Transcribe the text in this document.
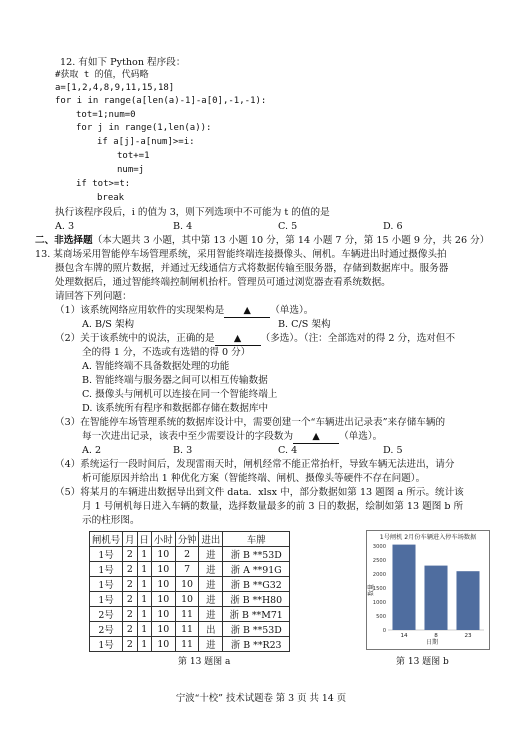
12. 有如下 Python 程序段：
#获取 t 的值，代码略
a=[1,2,4,8,9,11,15,18]
for i in range(a[len(a)-1]-a[0],-1,-1):
tot=1;num=0
for j in range(1,len(a)):
if a[j]-a[num]>=i:
tot+=1
num=j
if tot>=t:
break
执行该程序段后，i 的值为 3，则下列选项中不可能为 t 的值的是
A. 3	B. 4	C. 5	D. 6
二、非选择题（本大题共 3 小题，其中第 13 小题 10 分，第 14 小题 7 分，第 15 小题 9 分，共 26 分）
13. 某商场采用智能停车场管理系统，采用智能终端连接摄像头、闸机。车辆进出时通过摄像头拍
摄包含车牌的照片数据，并通过无线通信方式将数据传输至服务器，存储到数据库中。服务器
处理数据后，通过智能终端控制闸机抬杆。管理员可通过浏览器查看系统数据。
请回答下列问题：
（1）该系统网络应用软件的实现架构是 ▲ （单选）。
A. B/S 架构	B. C/S 架构
（2）关于该系统中的说法，正确的是 ▲ （多选）。（注：全部选对的得 2 分，选对但不
全的得 1 分，不选或有选错的得 0 分）
A. 智能终端不具备数据处理的功能
B. 智能终端与服务器之间可以相互传输数据
C. 摄像头与闸机可以连接在同一个智能终端上
D. 该系统所有程序和数据都存储在数据库中
（3）在智能停车场管理系统的数据库设计中，需要创建一个“车辆进出记录表”来存储车辆的
每一次进出记录，该表中至少需要设计的字段数为 ▲ （单选）。
A. 2	B. 3	C. 4	D. 5
（4）系统运行一段时间后，发现雷雨天时，闸机经常不能正常抬杆，导致车辆无法进出，请分
析可能原因并给出 1 种优化方案（智能终端、闸机、摄像头等硬件不存在问题）。
（5）将某月的车辆进出数据导出到文件 data．xlsx 中，部分数据如第 13 题图 a 所示。统计该
月 1 号闸机每日进入车辆的数量，选择数量最多的前 3 日的数据，绘制如第 13 题图 b 所
示的柱形图。
闸机号	月	日	小时	分钟	进出	车牌
1号	2	1	10	2	进	浙 B **53D
1号	2	1	10	7	进	浙 A **91G
1号	2	1	10	10	进	浙 B **G32
1号	2	1	10	10	进	浙 B **H80
2号	2	1	10	11	进	浙 B **M71
2号	2	1	10	11	出	浙 B **53D
1号	2	1	10	11	进	浙 B **R23
第 13 题图 a
1号闸机 2月份车辆进入停车场数据
数量
日期
3000
2500
2000
1500
1000
500
0
14	8	23
第 13 题图 b
宁波“十校” 技术试题卷 第 3 页 共 14 页
